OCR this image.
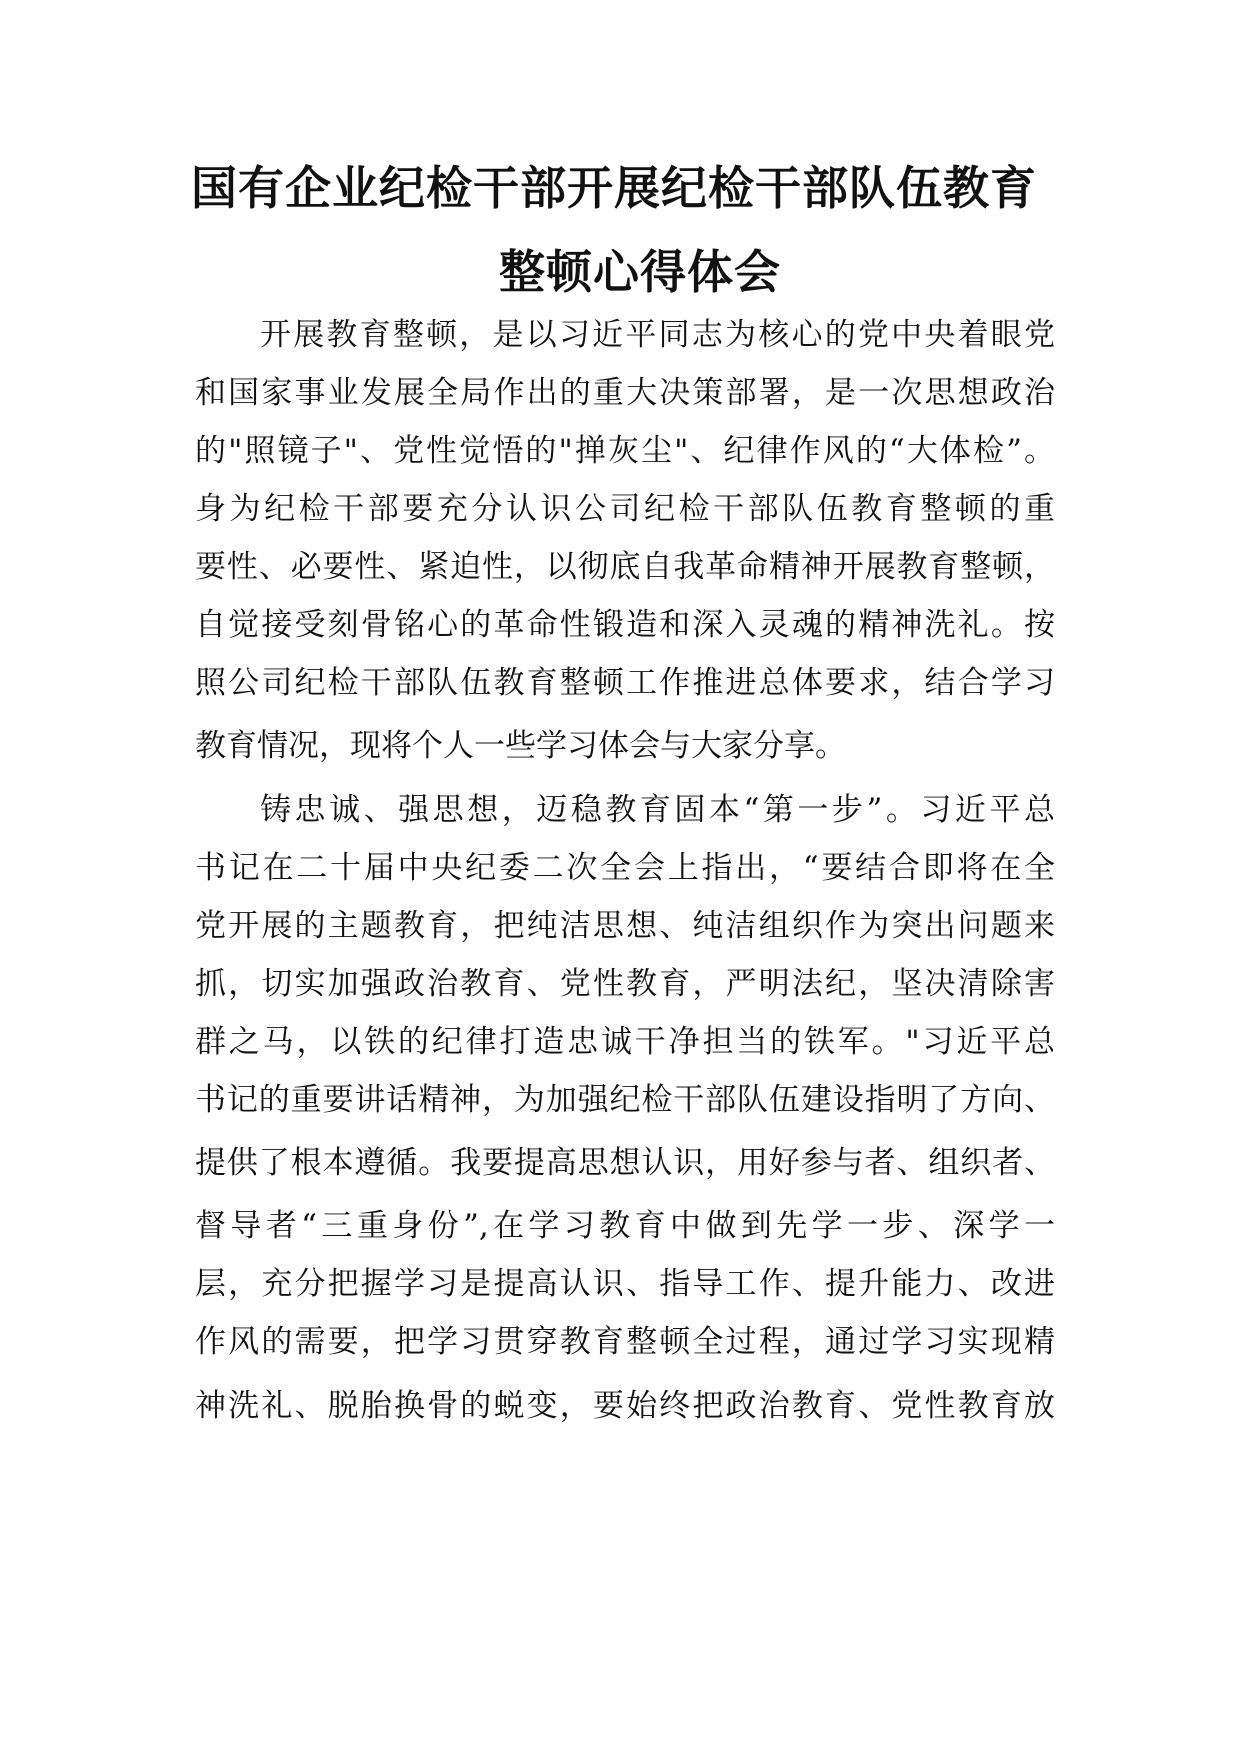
国有企业纪检干部开展纪检干部队伍教育
整顿心得体会
开展教育整顿，是以习近平同志为核心的党中央着眼党
和国家事业发展全局作出的重大决策部署，是一次思想政治
的"照镜子"、党性觉悟的"掸灰尘"、纪律作风的“大体检”。
身为纪检干部要充分认识公司纪检干部队伍教育整顿的重
要性、必要性、紧迫性，以彻底自我革命精神开展教育整顿，
自觉接受刻骨铭心的革命性锻造和深入灵魂的精神洗礼。按
照公司纪检干部队伍教育整顿工作推进总体要求，结合学习
教育情况，现将个人一些学习体会与大家分享。
铸忠诚、强思想，迈稳教育固本“第一步”。习近平总
书记在二十届中央纪委二次全会上指出，“要结合即将在全
党开展的主题教育，把纯洁思想、纯洁组织作为突出问题来
抓，切实加强政治教育、党性教育，严明法纪，坚决清除害
群之马，以铁的纪律打造忠诚干净担当的铁军。"习近平总
书记的重要讲话精神，为加强纪检干部队伍建设指明了方向、
提供了根本遵循。我要提高思想认识，用好参与者、组织者、
督导者“三重身份”,在学习教育中做到先学一步、深学一
层，充分把握学习是提高认识、指导工作、提升能力、改进
作风的需要，把学习贯穿教育整顿全过程，通过学习实现精
神洗礼、脱胎换骨的蜕变，要始终把政治教育、党性教育放
